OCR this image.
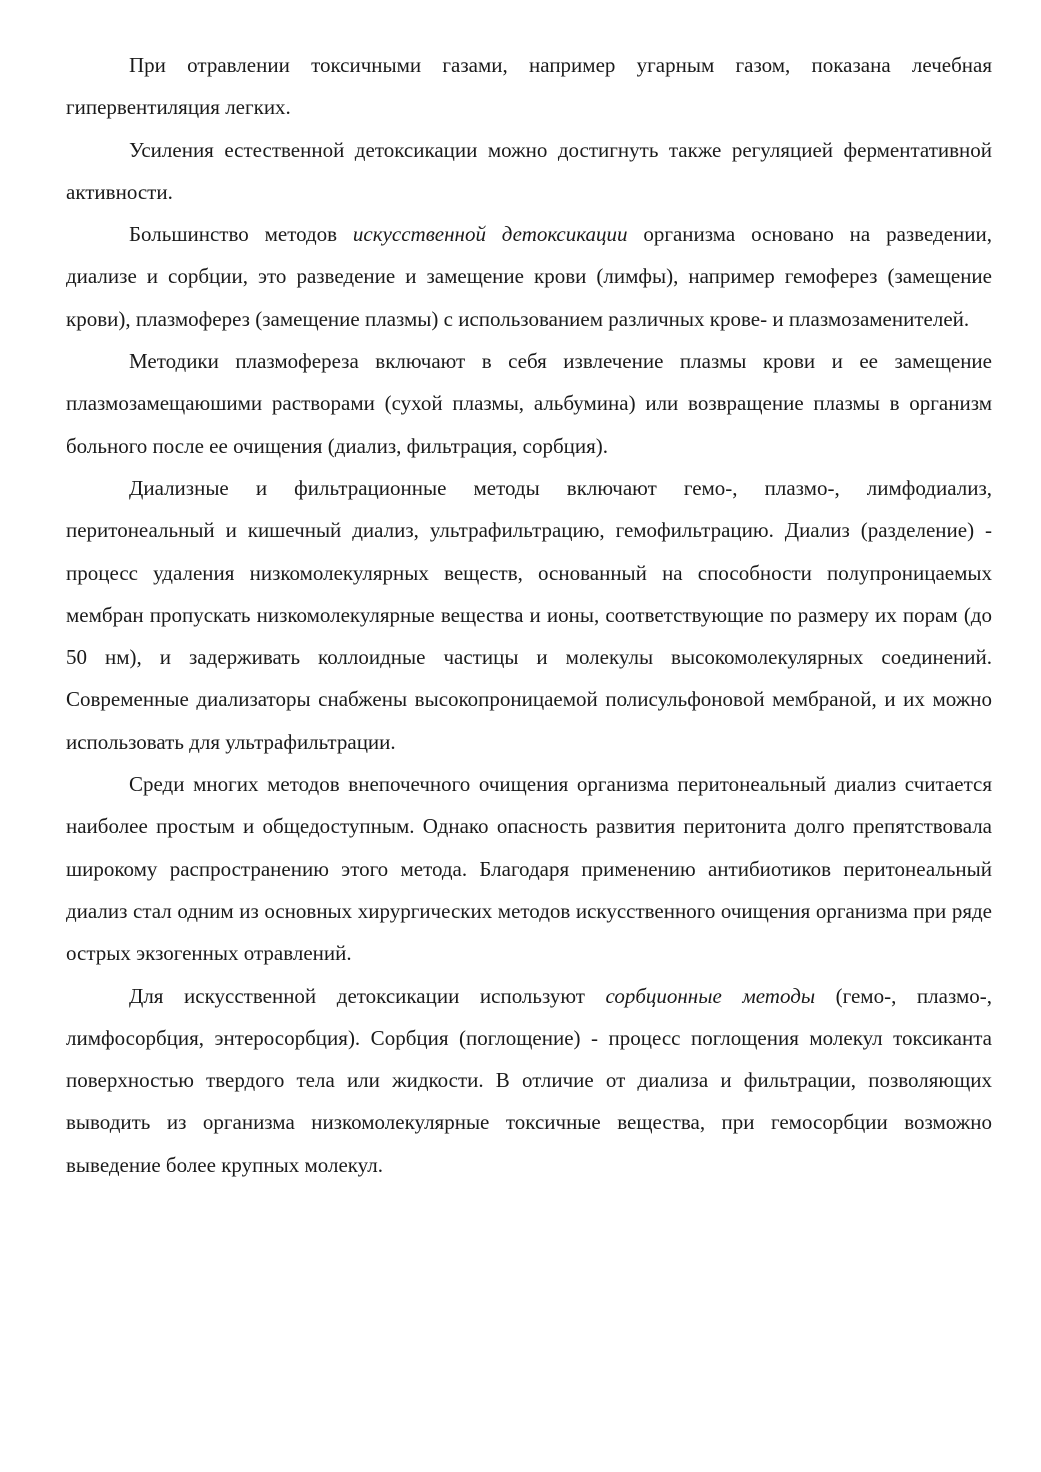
При отравлении токсичными газами, например угарным газом, показана лечебная гипервентиляция легких.

Усиления естественной детоксикации можно достигнуть также регуляцией ферментативной активности.

Большинство методов искусственной детоксикации организма основано на разведении, диализе и сорбции, это разведение и замещение крови (лимфы), например гемоферез (замещение крови), плазмоферез (замещение плазмы) с использованием различных крове- и плазмозаменителей.

Методики плазмофереза включают в себя извлечение плазмы крови и ее замещение плазмозамещаюшими растворами (сухой плазмы, альбумина) или возвращение плазмы в организм больного после ее очищения (диализ, фильтрация, сорбция).

Диализные и фильтрационные методы включают гемо-, плазмо-, лимфодиализ, перитонеальный и кишечный диализ, ультрафильтрацию, гемофильтрацию. Диализ (разделение) - процесс удаления низкомолекулярных веществ, основанный на способности полупроницаемых мембран пропускать низкомолекулярные вещества и ионы, соответствующие по размеру их порам (до 50 нм), и задерживать коллоидные частицы и молекулы высокомолекулярных соединений. Современные диализаторы снабжены высокопроницаемой полисульфоновой мембраной, и их можно использовать для ультрафильтрации.

Среди многих методов внепочечного очищения организма перитонеальный диализ считается наиболее простым и общедоступным. Однако опасность развития перитонита долго препятствовала широкому распространению этого метода. Благодаря применению антибиотиков перитонеальный диализ стал одним из основных хирургических методов искусственного очищения организма при ряде острых экзогенных отравлений.

Для искусственной детоксикации используют сорбционные методы (гемо-, плазмо-, лимфосорбция, энтеросорбция). Сорбция (поглощение) - процесс поглощения молекул токсиканта поверхностью твердого тела или жидкости. В отличие от диализа и фильтрации, позволяющих выводить из организма низкомолекулярные токсичные вещества, при гемосорбции возможно выведение более крупных молекул.
